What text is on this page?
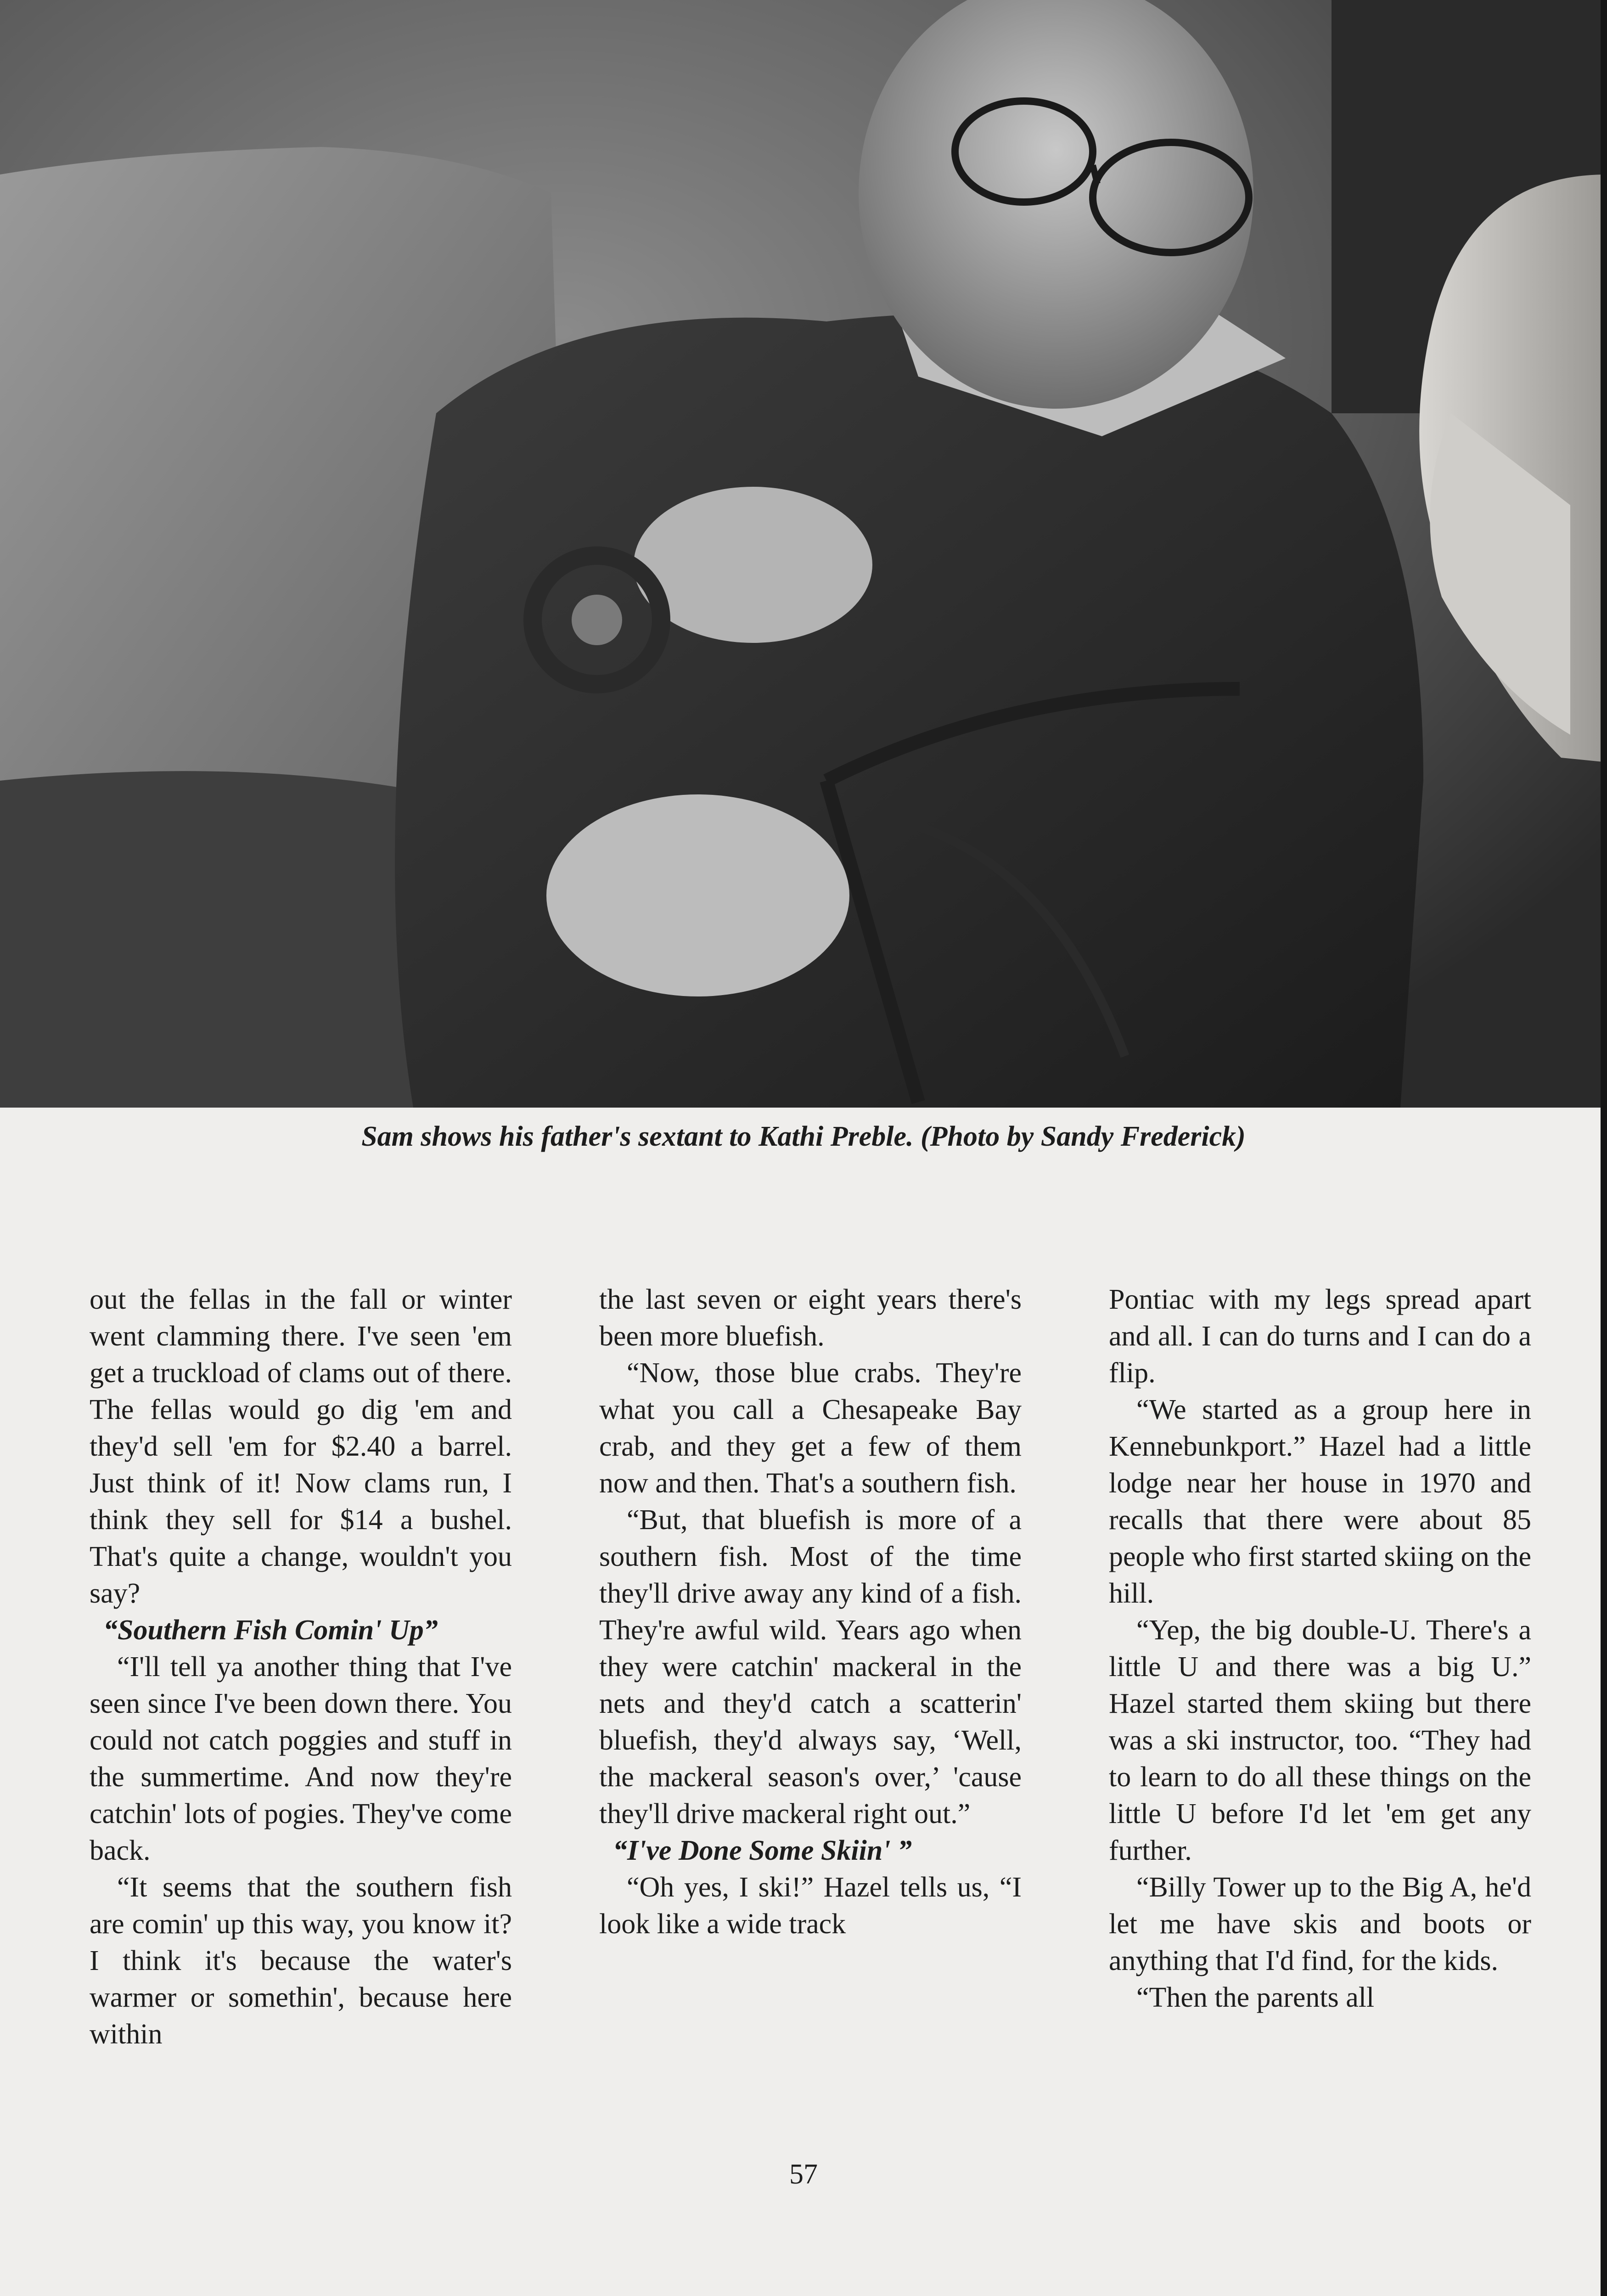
Sam shows his father's sextant to Kathi Preble. (Photo by Sandy Frederick)

out the fellas in the fall or winter went clamming there. I've seen 'em get a truckload of clams out of there. The fellas would go dig 'em and they'd sell 'em for $2.40 a barrel. Just think of it! Now clams run, I think they sell for $14 a bushel. That's quite a change, wouldn't you say?

“Southern Fish Comin' Up”

“I'll tell ya another thing that I've seen since I've been down there. You could not catch poggies and stuff in the summertime. And now they're catchin' lots of pogies. They've come back.

“It seems that the southern fish are comin' up this way, you know it? I think it's because the water's warmer or somethin', because here within

the last seven or eight years there's been more bluefish.

“Now, those blue crabs. They're what you call a Chesapeake Bay crab, and they get a few of them now and then. That's a southern fish.

“But, that bluefish is more of a southern fish. Most of the time they'll drive away any kind of a fish. They're awful wild. Years ago when they were catchin' mackeral in the nets and they'd catch a scatterin' bluefish, they'd always say, ‘Well, the mackeral season's over,’ 'cause they'll drive mackeral right out.”

“I've Done Some Skiin' ”

“Oh yes, I ski!” Hazel tells us, “I look like a wide track

Pontiac with my legs spread apart and all. I can do turns and I can do a flip.

“We started as a group here in Kennebunkport.” Hazel had a little lodge near her house in 1970 and recalls that there were about 85 people who first started skiing on the hill.

“Yep, the big double-U. There's a little U and there was a big U.” Hazel started them skiing but there was a ski instructor, too. “They had to learn to do all these things on the little U before I'd let 'em get any further.

“Billy Tower up to the Big A, he'd let me have skis and boots or anything that I'd find, for the kids.

“Then the parents all

57
